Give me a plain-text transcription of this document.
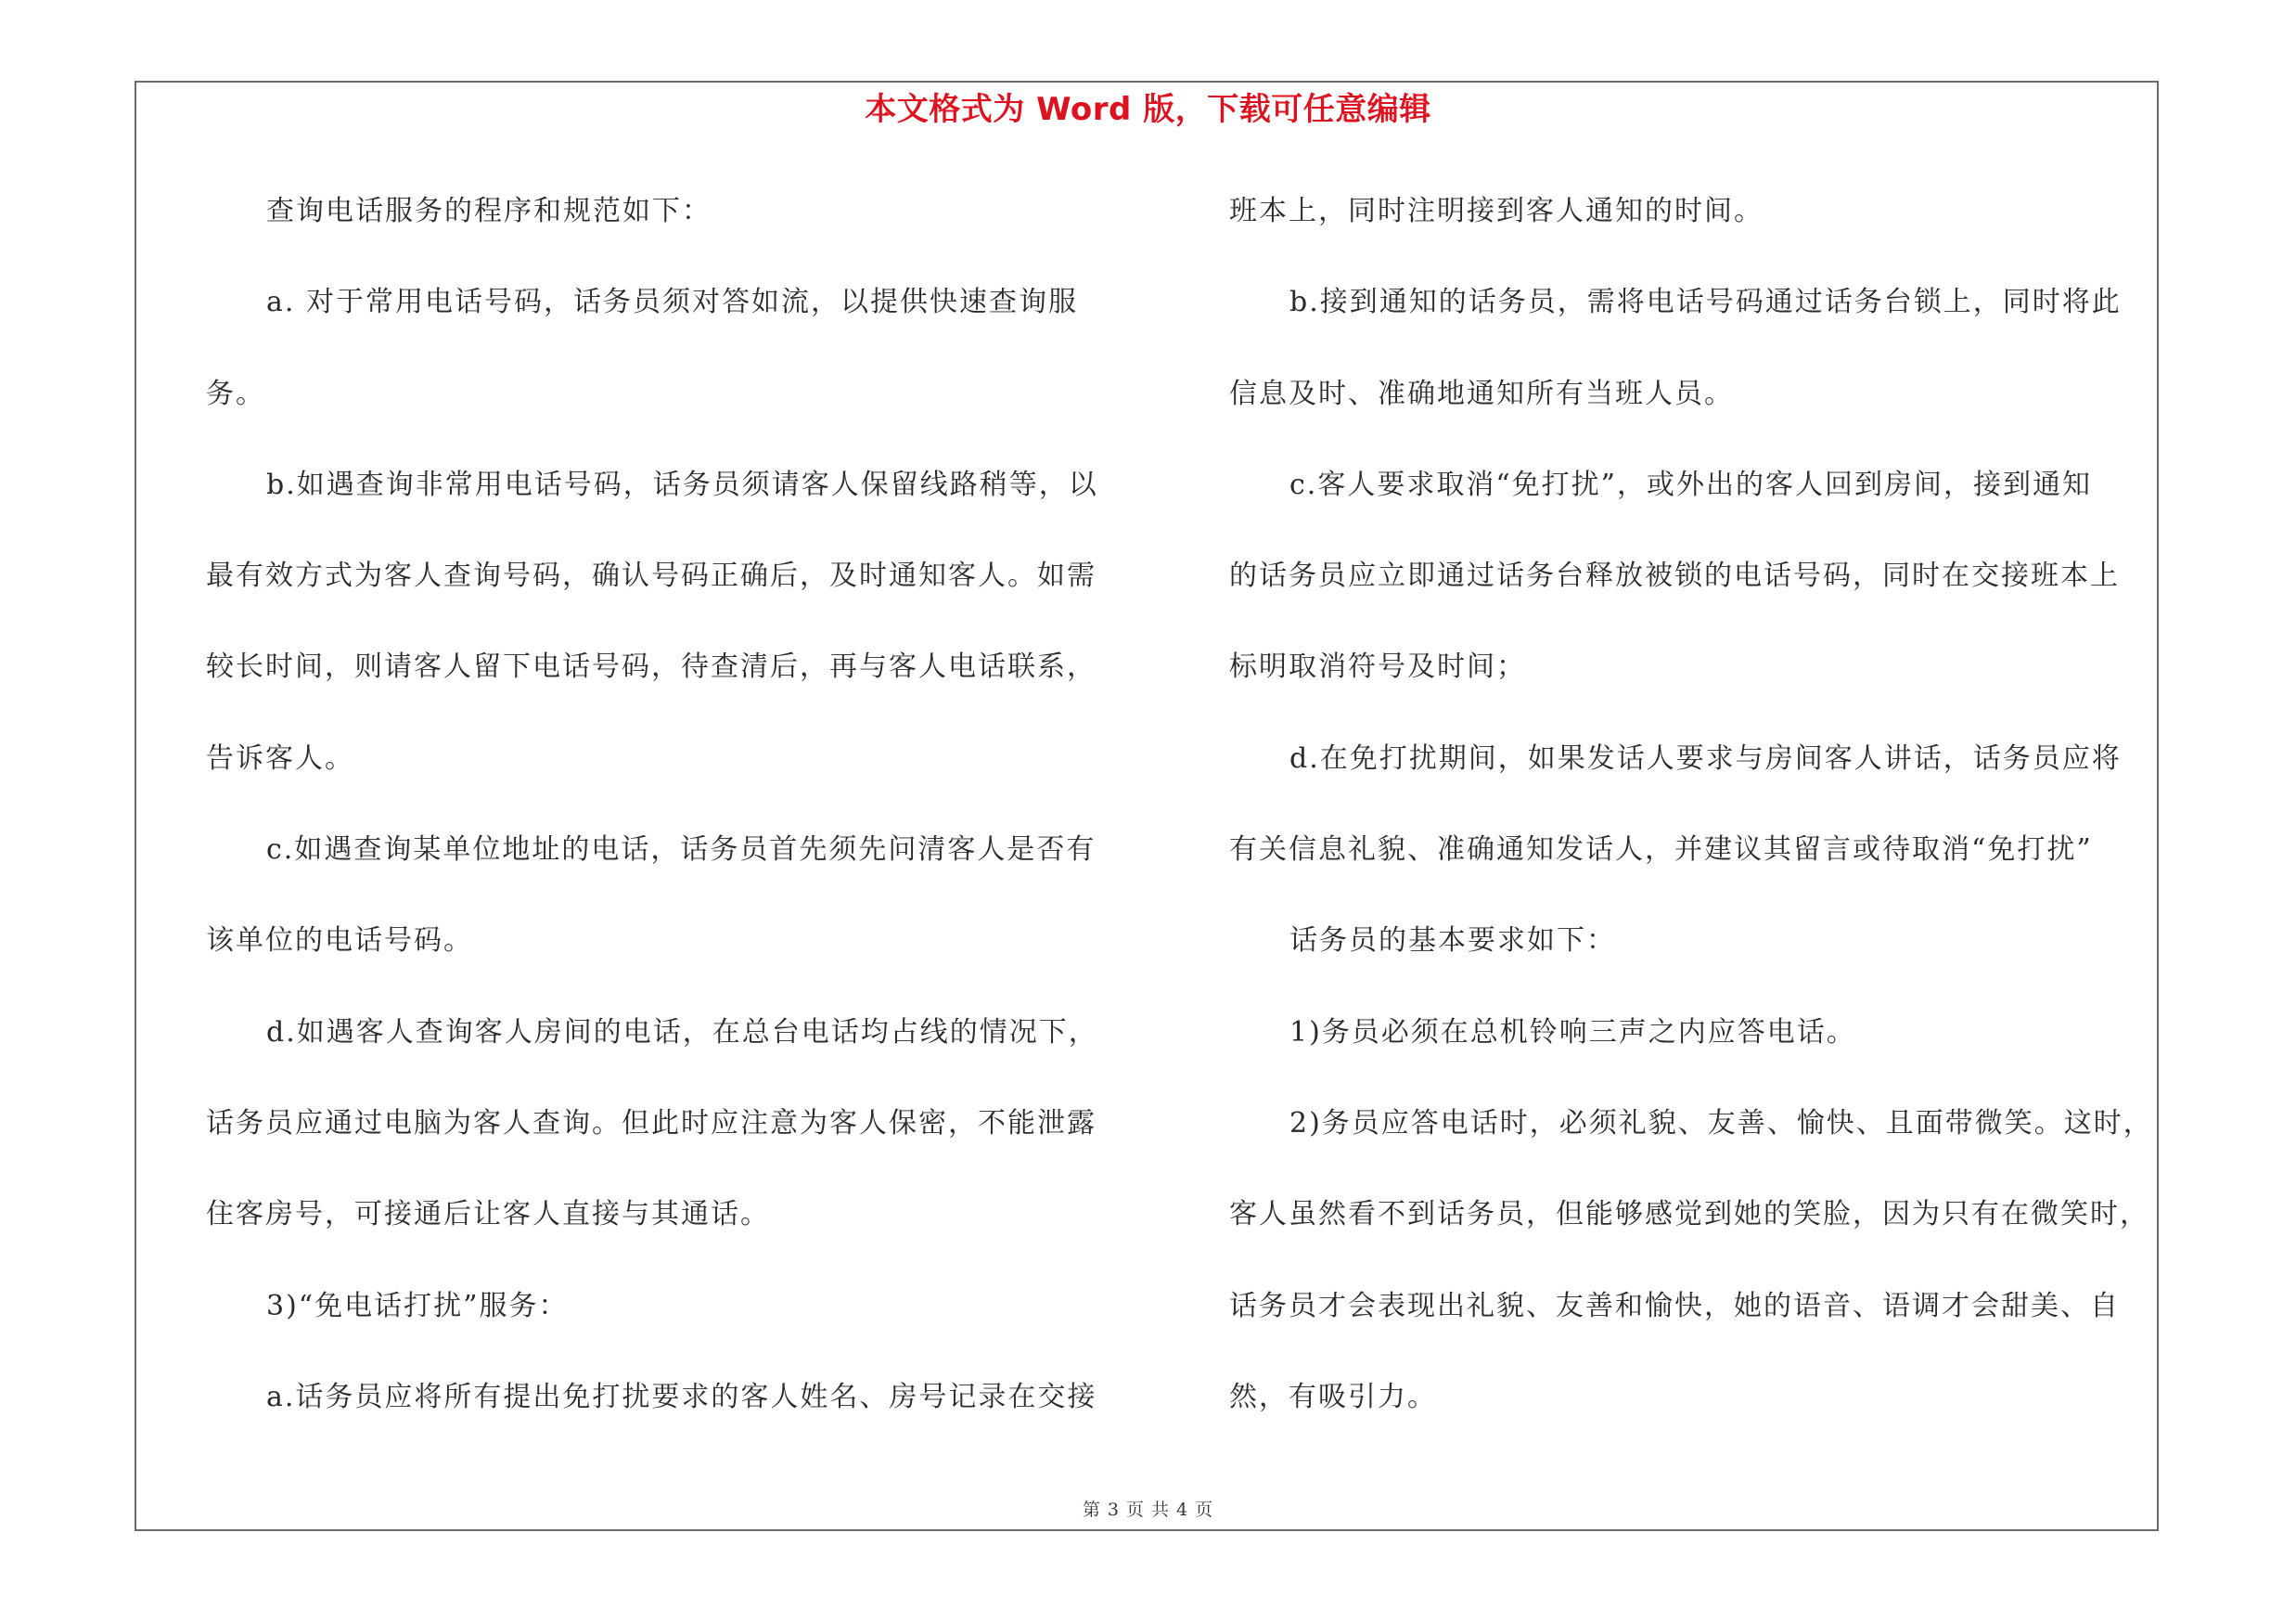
本文格式为 Word 版，下载可任意编辑
查询电话服务的程序和规范如下：
a. 对于常用电话号码，话务员须对答如流，以提供快速查询服
务。
b.如遇查询非常用电话号码，话务员须请客人保留线路稍等，以
最有效方式为客人查询号码，确认号码正确后，及时通知客人。如需
较长时间，则请客人留下电话号码，待查清后，再与客人电话联系，
告诉客人。
c.如遇查询某单位地址的电话，话务员首先须先问清客人是否有
该单位的电话号码。
d.如遇客人查询客人房间的电话，在总台电话均占线的情况下，
话务员应通过电脑为客人查询。但此时应注意为客人保密，不能泄露
住客房号，可接通后让客人直接与其通话。
3)“免电话打扰”服务：
a.话务员应将所有提出免打扰要求的客人姓名、房号记录在交接
班本上，同时注明接到客人通知的时间。
b.接到通知的话务员，需将电话号码通过话务台锁上，同时将此
信息及时、准确地通知所有当班人员。
c.客人要求取消“免打扰”，或外出的客人回到房间，接到通知
的话务员应立即通过话务台释放被锁的电话号码，同时在交接班本上
标明取消符号及时间；
d.在免打扰期间，如果发话人要求与房间客人讲话，话务员应将
有关信息礼貌、准确通知发话人，并建议其留言或待取消“免打扰”
话务员的基本要求如下：
1)务员必须在总机铃响三声之内应答电话。
2)务员应答电话时，必须礼貌、友善、愉快、且面带微笑。这时，
客人虽然看不到话务员，但能够感觉到她的笑脸，因为只有在微笑时，
话务员才会表现出礼貌、友善和愉快，她的语音、语调才会甜美、自
然，有吸引力。
第 3 页 共 4 页
